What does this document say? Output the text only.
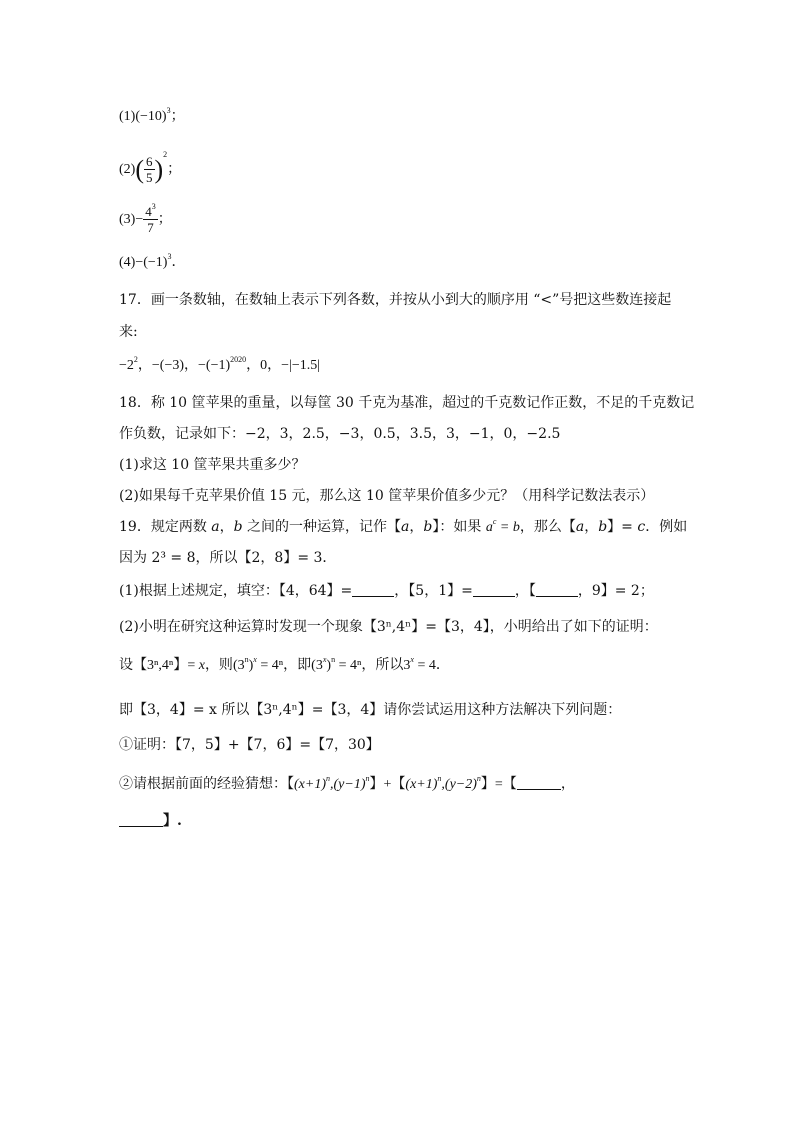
$(1)(-10)^3$；
$(2)( \frac{6}{5} )^2$；
$(3)- \frac{4^3}{7}$ ；
$(4)-(-1)^3$．
17．画一条数轴，在数轴上表示下列各数，并按从小到大的顺序用 “<”号把这些数连接起
来:
$-2^2$，−(−3)，$-(-1)^{2020}$，0，−|−1.5|
18．称 10 筐苹果的重量，以每筐 30 千克为基准，超过的千克数记作正数，不足的千克数记
作负数，记录如下：−2，3，2.5，−3，0.5，3.5，3，−1，0，−2.5
(1)求这 10 筐苹果共重多少？
(2)如果每千克苹果价值 15 元，那么这 10 筐苹果价值多少元？（用科学记数法表示）
19．规定两数 a，b 之间的一种运算，记作【a，b】：如果 $a^c = b$，那么【a，b】= c．例如
因为 2³ = 8，所以【2，8】= 3．
(1)根据上述规定，填空：【4，64】=	，【5，1】=	，【	，9】= 2；
(2)小明在研究这种运算时发现一个现象【3ⁿ,4ⁿ】=【3，4】，小明给出了如下的证明：
设【3ⁿ,4ⁿ】= x，则$(3^n)^x = 4^n$，即$(3^x)^n = 4^n$，所以$3^x = 4$．
即【3，4】= x 所以【3ⁿ,4ⁿ】=【3，4】请你尝试运用这种方法解决下列问题：
①证明：【7，5】+【7，6】=【7，30】
②请根据前面的经验猜想：【$(x+1)^n,(y-1)^n$】+【$(x+1)^n,(y-2)^n$】=【	，
】.
